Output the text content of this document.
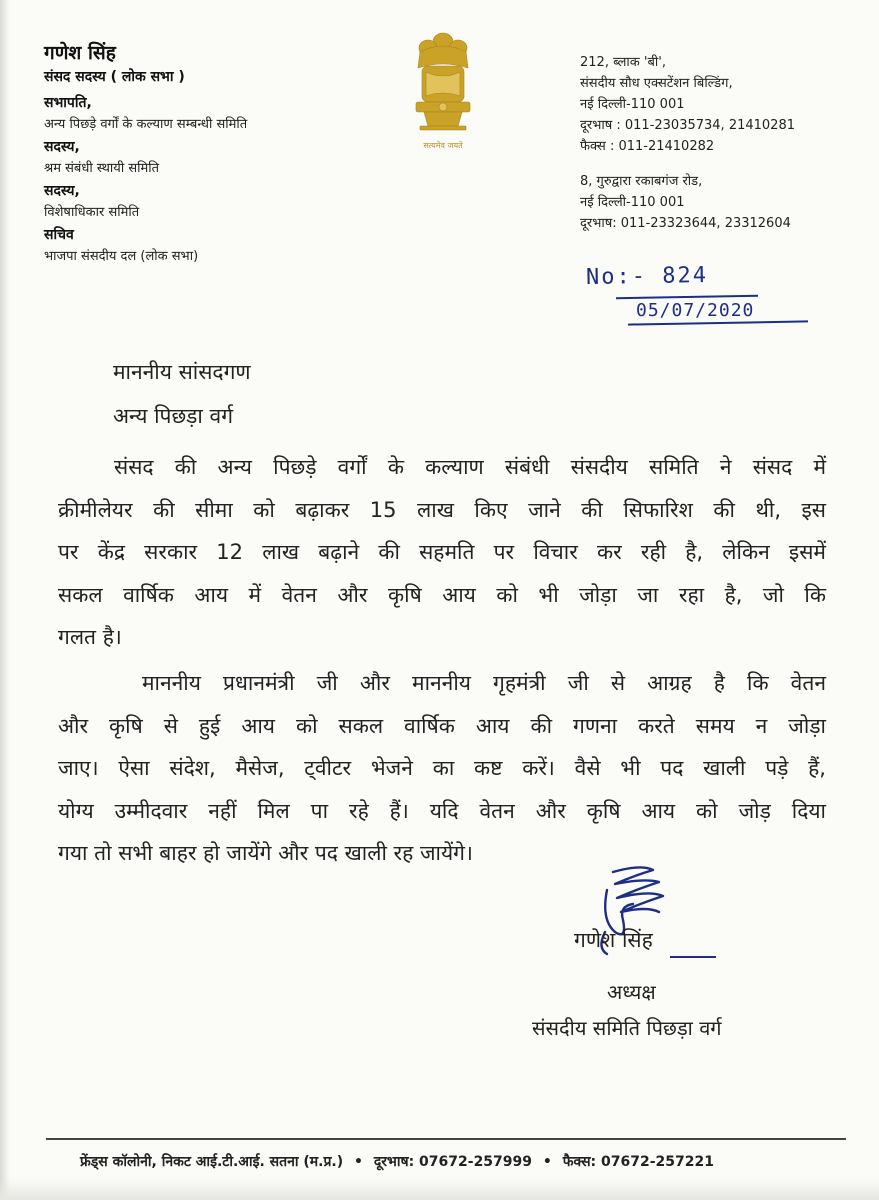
गणेश सिंह
संसद सदस्य ( लोक सभा )
सभापति,
अन्य पिछड़े वर्गों के कल्याण सम्बन्धी समिति
सदस्य,
श्रम संबंधी स्थायी समिति
सदस्य,
विशेषाधिकार समिति
सचिव
भाजपा संसदीय दल (लोक सभा)
सत्यमेव जयते
212, ब्लाक 'बी',
संसदीय सौध एक्सटेंशन बिल्डिंग,
नई दिल्ली-110 001
दूरभाष : 011-23035734, 21410281
फैक्स : 011-21410282
8, गुरुद्वारा रकाबगंज रोड,
नई दिल्ली-110 001
दूरभाष: 011-23323644, 23312604
No:- 824
05/07/2020
माननीय सांसदगण
अन्य पिछड़ा वर्ग
संसद की अन्य पिछड़े वर्गों के कल्याण संबंधी संसदीय समिति ने संसद में
क्रीमीलेयर की सीमा को बढ़ाकर 15 लाख किए जाने की सिफारिश की थी, इस
पर केंद्र सरकार 12 लाख बढ़ाने की सहमति पर विचार कर रही है, लेकिन इसमें
सकल वार्षिक आय में वेतन और कृषि आय को भी जोड़ा जा रहा है, जो कि
गलत है।
माननीय प्रधानमंत्री जी और माननीय गृहमंत्री जी से आग्रह है कि वेतन
और कृषि से हुई आय को सकल वार्षिक आय की गणना करते समय न जोड़ा
जाए। ऐसा संदेश, मैसेज, ट्वीटर भेजने का कष्ट करें। वैसे भी पद खाली पड़े हैं,
योग्य उम्मीदवार नहीं मिल पा रहे हैं। यदि वेतन और कृषि आय को जोड़ दिया
गया तो सभी बाहर हो जायेंगे और पद खाली रह जायेंगे।
गणेश सिंह
अध्यक्ष
संसदीय समिति पिछड़ा वर्ग
फ्रेंड्स कॉलोनी, निकट आई.टी.आई. सतना (म.प्र.) • दूरभाष: 07672-257999 • फैक्स: 07672-257221
